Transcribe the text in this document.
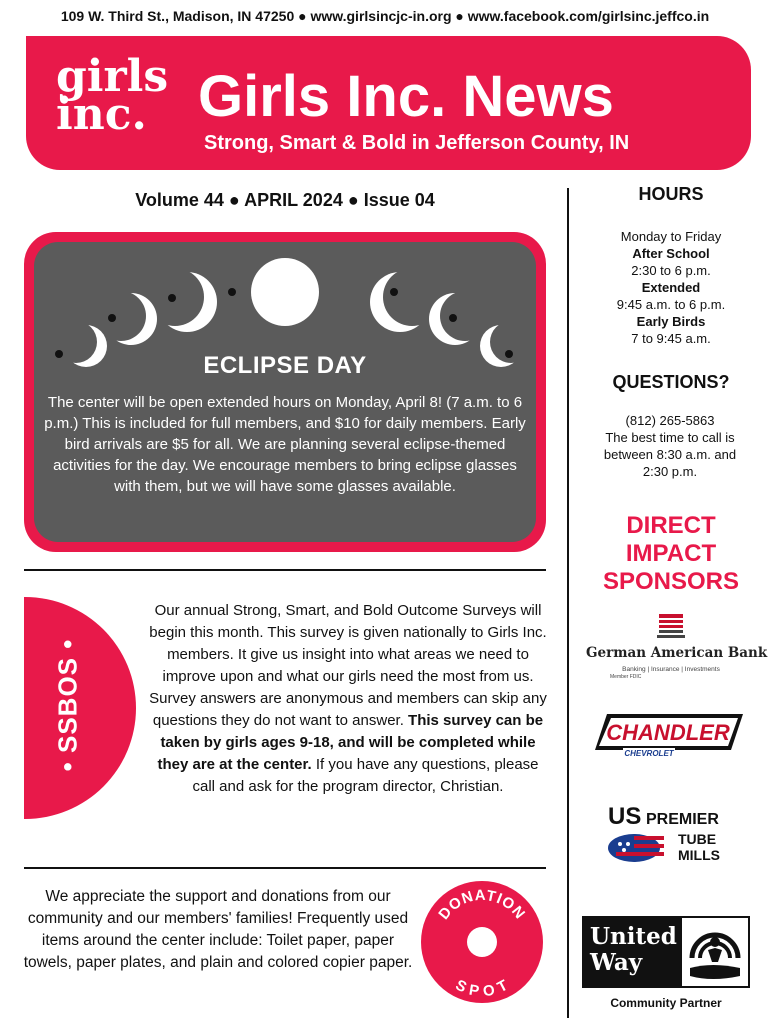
109 W. Third St., Madison, IN 47250 ● www.girlsincjc-in.org ● www.facebook.com/girlsinc.jeffco.in
girls
inc. Girls Inc. News
Strong, Smart & Bold in Jefferson County, IN
Volume 44 ● APRIL 2024 ● Issue 04
ECLIPSE DAY
The center will be open extended hours on Monday, April 8! (7 a.m. to 6 p.m.) This is included for full members, and $10 for daily members. Early bird arrivals are $5 for all. We are planning several eclipse-themed activities for the day. We encourage members to bring eclipse glasses with them, but we will have some glasses available.
• SSBOS •
Our annual Strong, Smart, and Bold Outcome Surveys will begin this month. This survey is given nationally to Girls Inc. members. It give us insight into what areas we need to improve upon and what our girls need the most from us. Survey answers are anonymous and members can skip any questions they do not want to answer. This survey can be taken by girls ages 9-18, and will be completed while they are at the center. If you have any questions, please call and ask for the program director, Christian.
We appreciate the support and donations from our community and our members' families! Frequently used items around the center include: Toilet paper, paper towels, paper plates, and plain and colored copier paper.
DONATION
SPOT
HOURS
Monday to Friday
After School
2:30 to 6 p.m.
Extended
9:45 a.m. to 6 p.m.
Early Birds
7 to 9:45 a.m.
QUESTIONS?
(812) 265-5863
The best time to call is between 8:30 a.m. and 2:30 p.m.
DIRECT
IMPACT
SPONSORS
German American Bank
Banking | Insurance | Investments
Member FDIC
CHANDLER
CHEVROLET
US PREMIER
TUBE
MILLS
United
Way
Community Partner
